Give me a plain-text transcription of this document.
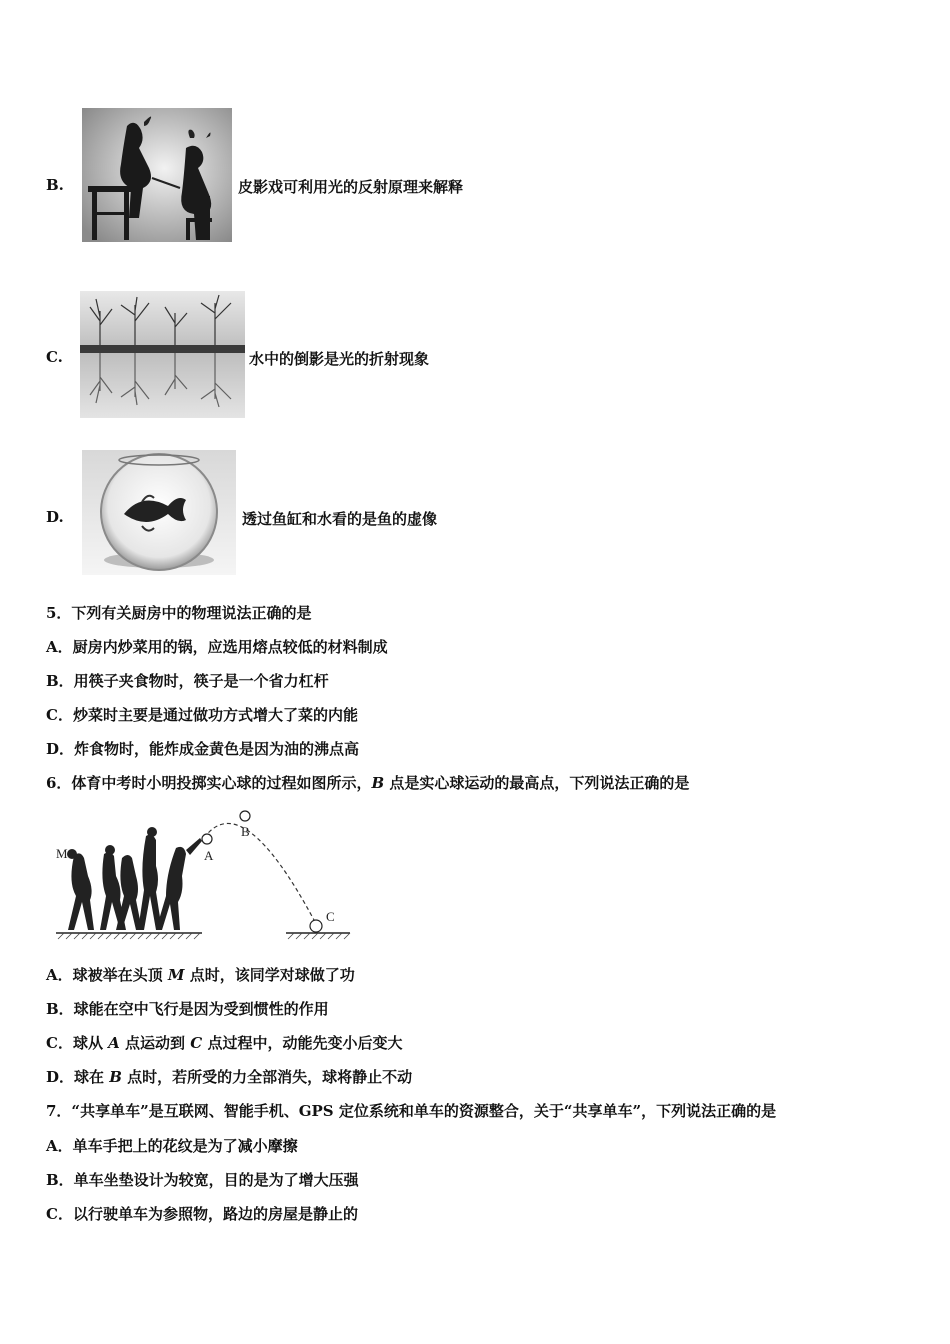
B.	皮影戏可利用光的反射原理来解释
C.	水中的倒影是光的折射现象
D.	透过鱼缸和水看的是鱼的虚像
5．下列有关厨房中的物理说法正确的是
A．厨房内炒菜用的锅，应选用熔点较低的材料制成
B．用筷子夹食物时，筷子是一个省力杠杆
C．炒菜时主要是通过做功方式增大了菜的内能
D．炸食物时，能炸成金黄色是因为油的沸点高
6．体育中考时小明投掷实心球的过程如图所示，B 点是实心球运动的最高点，下列说法正确的是
M	A
B
C
A．球被举在头顶 M 点时，该同学对球做了功
B．球能在空中飞行是因为受到惯性的作用
C．球从 A 点运动到 C 点过程中，动能先变小后变大
D．球在 B 点时，若所受的力全部消失，球将静止不动
7．“共享单车”是互联网、智能手机、GPS 定位系统和单车的资源整合，关于“共享单车”，下列说法正确的是
A．单车手把上的花纹是为了减小摩擦
B．单车坐垫设计为较宽，目的是为了增大压强
C．以行驶单车为参照物，路边的房屋是静止的
